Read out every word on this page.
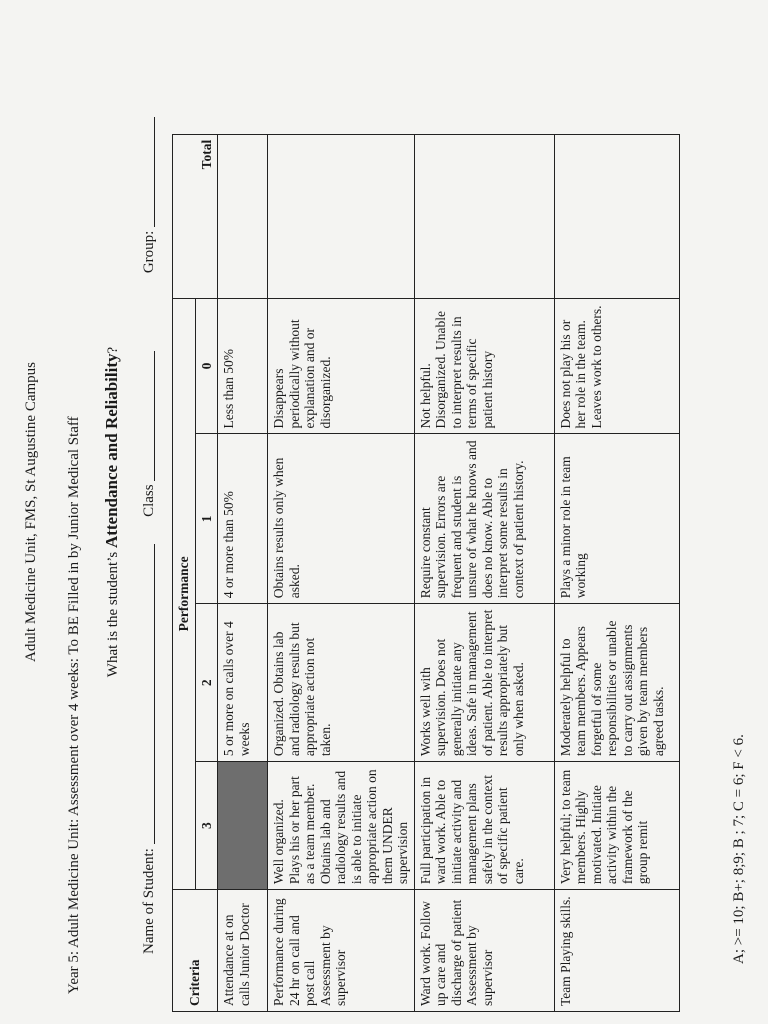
Adult Medicine Unit, FMS, St Augustine Campus Year 5: Adult Medicine Unit: Assessment over 4 weeks: To BE Filled in by Junior Medical Staff What is the student’s Attendance and Reliability?
Name of Student:   Class   Group:
Criteria	Performance				Total
	3	2	1	0	
Attendance at on calls Junior Doctor		5 or more on calls over 4 weeks	4 or more than 50%	Less than 50%	
Performance during 24 hr on call and post call Assessment by supervisor	Well organized. Plays his or her part as a team member. Obtains lab and radiology results and is able to initiate appropriate action on them UNDER supervision	Organized. Obtains lab and radiology results but appropriate action not taken.	Obtains results only when asked.	Disappears periodically without explanation and or disorganized.	
Ward work. Follow up care and discharge of patient Assessment by supervisor	Full participation in ward work. Able to initiate activity and management plans safely in the context of specific patient care.	Works well with supervision. Does not generally initiate any ideas. Safe in management of patient. Able to interpret results appropriately but only when asked.	Require constant supervision. Errors are frequent and student is unsure of what he knows and does no know. Able to interpret some results in context of patient history.	Not helpful. Disorganized. Unable to interpret results in terms of specific patient history	
Team Playing skills.	Very helpful; to team members. Highly motivated. Initiate activity within the framework of the group remit	Moderately helpful to team members. Appears forgetful of some responsibilities or unable to carry out assignments given by team members agreed tasks.	Plays a minor role in team working	Does not play his or her role in the team. Leaves work to others.	
A; >= 10; B+; 8;9; B ; 7; C = 6; F < 6.
